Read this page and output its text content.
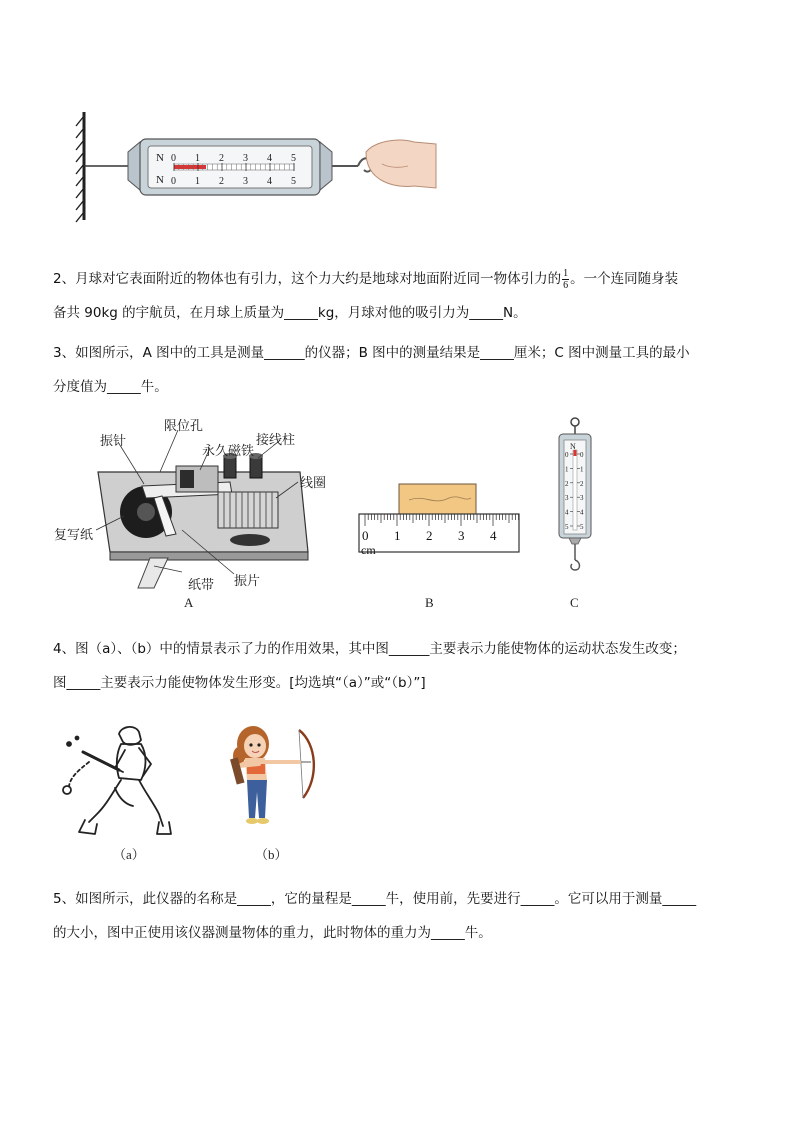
0
0
1
1
2
2
3
3
4
4
5
5
N
N
2、月球对它表面附近的物体也有引力，这个力大约是地球对地面附近同一物体引力的 $\frac{1}{6}$ 。一个连同随身装
备共 90kg 的宇航员，在月球上质量为_____kg，月球对他的吸引力为_____N。
3、如图所示，A 图中的工具是测量______的仪器；B 图中的测量结果是_____厘米；C 图中测量工具的最小
分度值为_____牛。
振针
限位孔
永久磁铁
接线柱
线圈
复写纸
纸带 振片
A
0 1 2 3 4
cm
B
0 0
1 1
2 2
3 3
4 4
5 5
N
C
4、图（a）、（b）中的情景表示了力的作用效果，其中图______主要表示力能使物体的运动状态发生改变；
图_____主要表示力能使物体发生形变。[均选填“（a）”或“（b）”]
（a）	（b）
5、如图所示，此仪器的名称是_____，它的量程是_____牛，使用前，先要进行_____。它可以用于测量_____
的大小，图中正使用该仪器测量物体的重力，此时物体的重力为_____牛。
